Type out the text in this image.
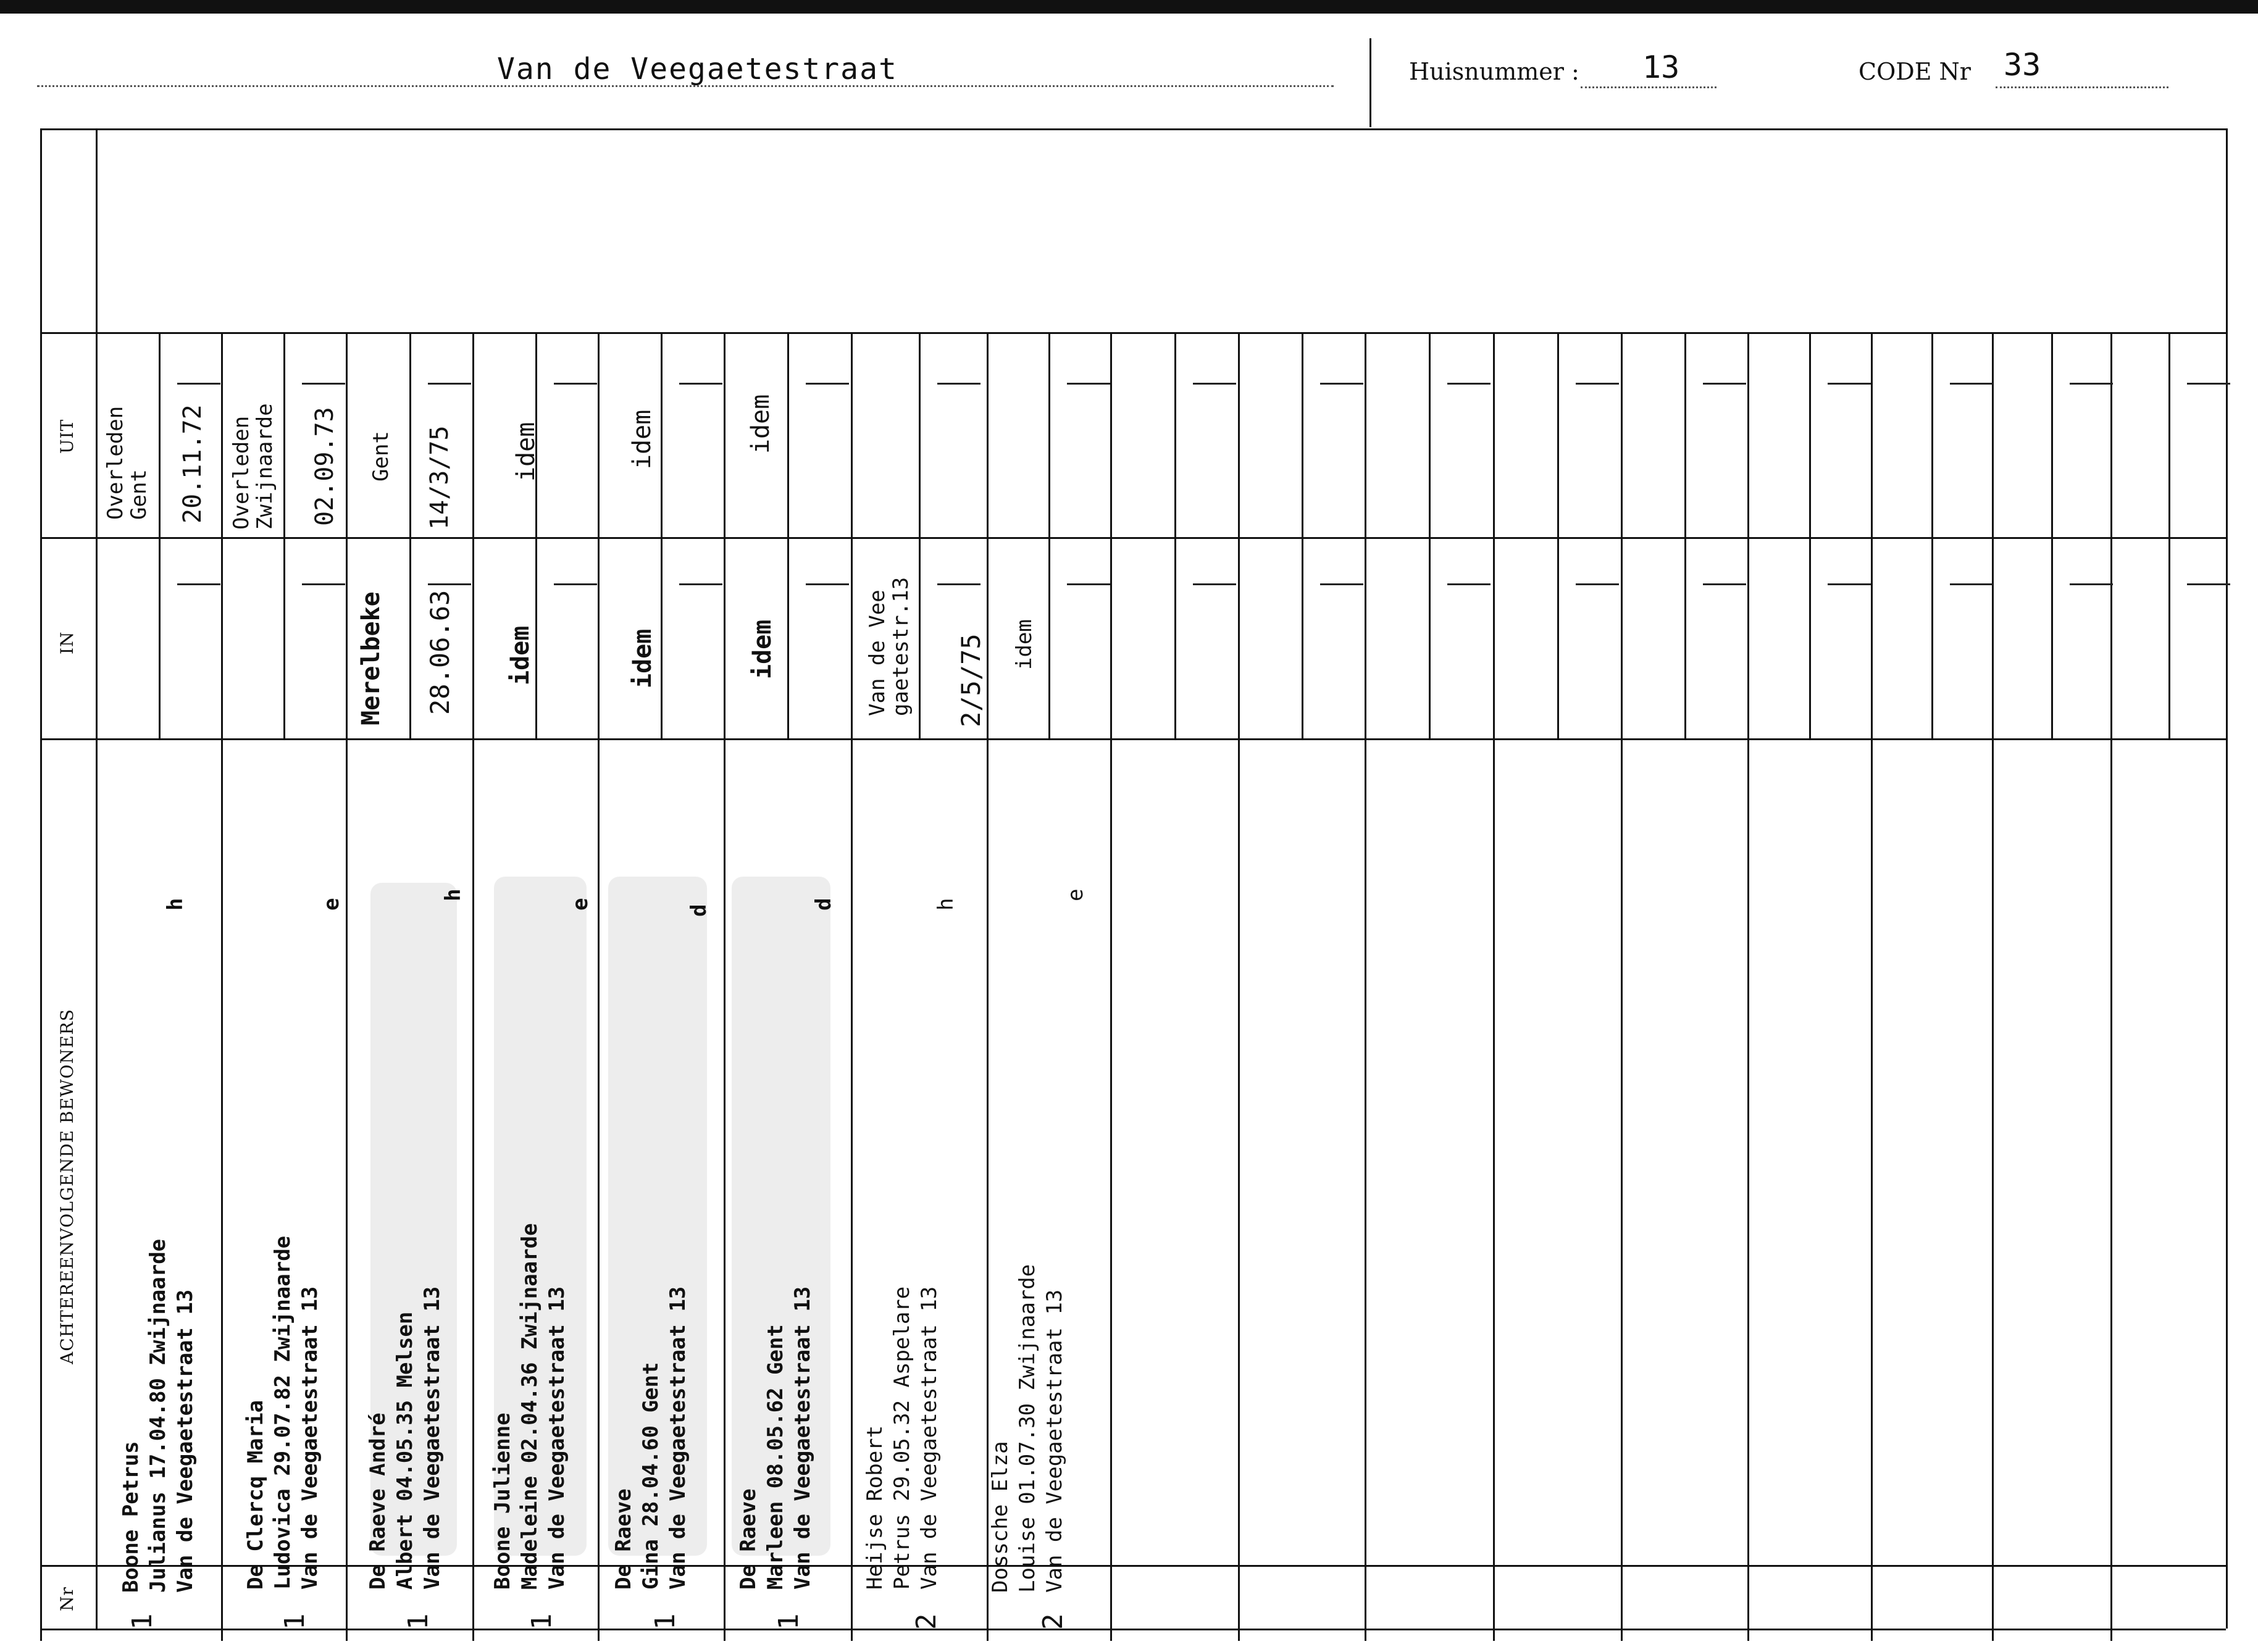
Van de Veegaetestraat	Huisnummer : 13	CODE Nr 33
UIT
IN
ACHTEREENVOLGENDE BEWONERS
Nr
Boone Petrus Julianus 17.04.80 Zwijnaarde Van de Veegaetestraat 13
h
1
Overleden
Gent 20.11.72
De Clercq Maria Ludovica 29.07.82 Zwijnaarde Van de Veegaetestraat 13
e
1
Overleden
Zwijnaarde 02.09.73
De Raeve André Albert 04.05.35 Melsen Van de Veegaetestraat 13
h
1
Merelbeke 28.06.63
Gent 14/3/75
Boone Julienne Madeleine 02.04.36 Zwijnaarde Van de Veegaetestraat 13
e
1
idem
idem
De Raeve Gina 28.04.60 Gent Van de Veegaetestraat 13
d
1
idem
idem
De Raeve Marleen 08.05.62 Gent Van de Veegaetestraat 13
d
1
idem
idem
Heijse Robert Petrus 29.05.32 Aspelare Van de Veegaetestraat 13
h
2
Van de Vee
gaetestr.13 2/5/75
Dossche Elza Louise 01.07.30 Zwijnaarde Van de Veegaetestraat 13
e
2
idem
